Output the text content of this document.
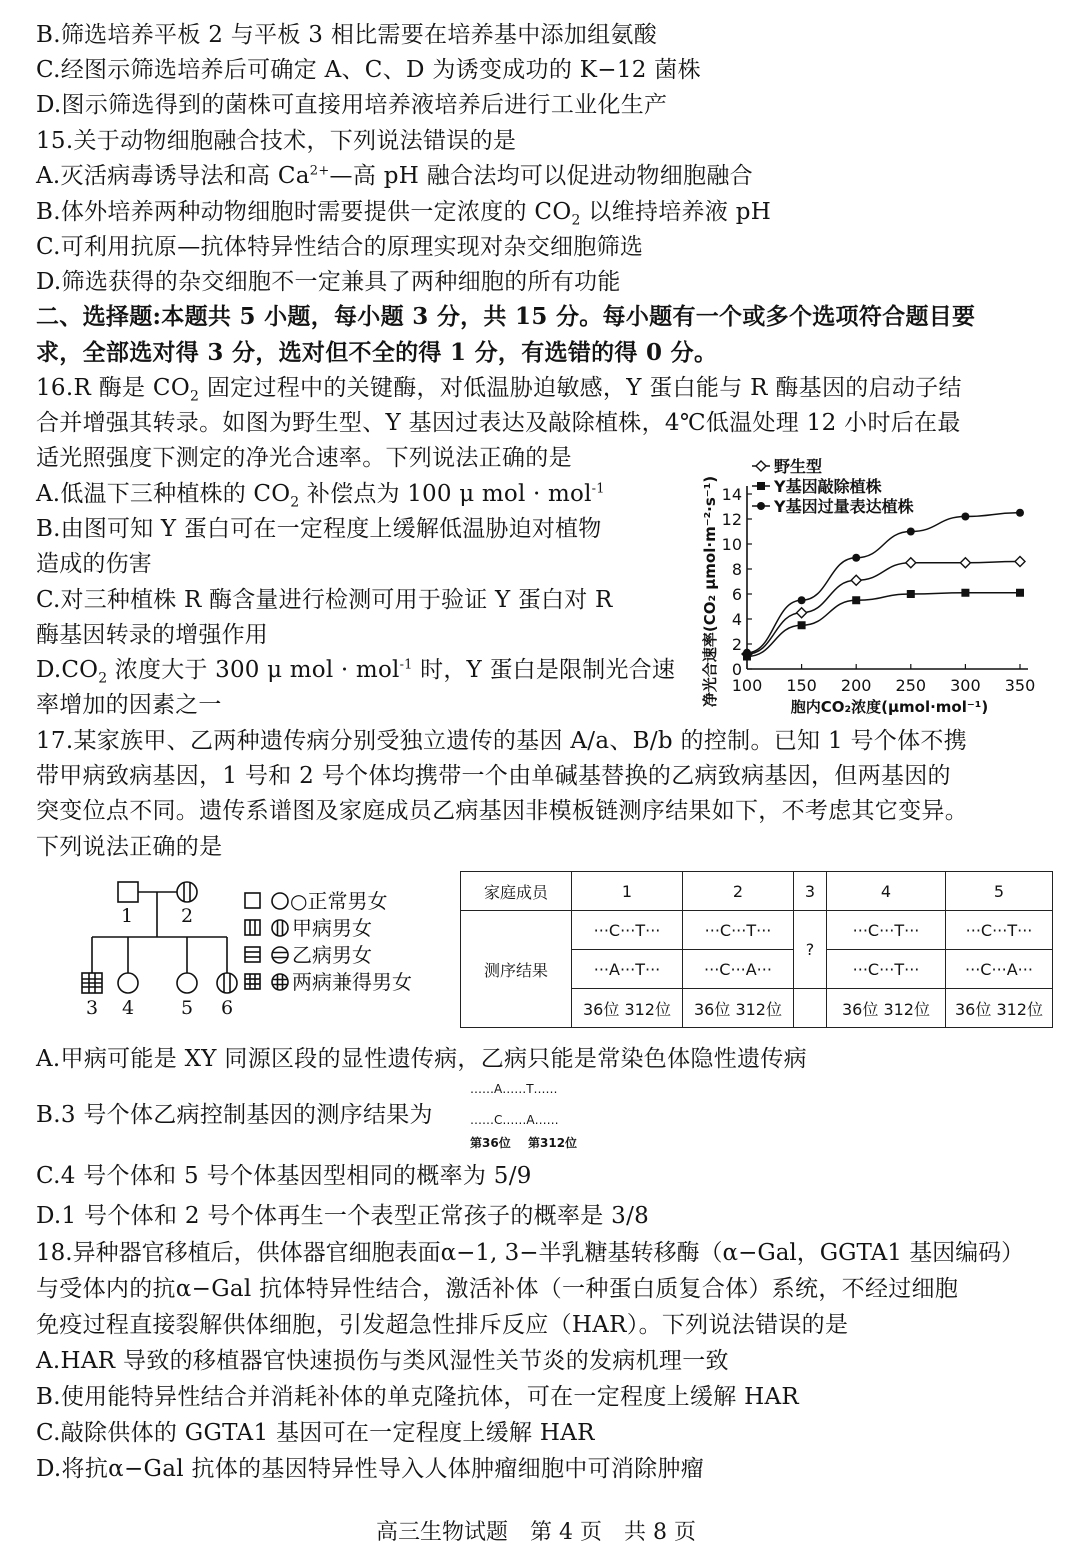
B.筛选培养平板 2 与平板 3 相比需要在培养基中添加组氨酸
C.经图示筛选培养后可确定 A、C、D 为诱变成功的 K−12 菌株
D.图示筛选得到的菌株可直接用培养液培养后进行工业化生产
15.关于动物细胞融合技术，下列说法错误的是
A.灭活病毒诱导法和高 $Ca^{2+}—$高 pH 融合法均可以促进动物细胞融合
B.体外培养两种动物细胞时需要提供一定浓度的 $CO_2$ 以维持培养液 pH
C.可利用抗原—抗体特异性结合的原理实现对杂交细胞筛选
D.筛选获得的杂交细胞不一定兼具了两种细胞的所有功能
二、选择题:本题共 5 小题，每小题 3 分，共 15 分。每小题有一个或多个选项符合题目要
求，全部选对得 3 分，选对但不全的得 1 分，有选错的得 0 分。
16.R 酶是 $CO_2$ 固定过程中的关键酶，对低温胁迫敏感，Y 蛋白能与 R 酶基因的启动子结
合并增强其转录。如图为野生型、Y 基因过表达及敲除植株，4℃低温处理 12 小时后在最
适光照强度下测定的净光合速率。下列说法正确的是
A.低温下三种植株的 $CO_2$ 补偿点为 100 μ mol · mol$^{-1}$
B.由图可知 Y 蛋白可在一定程度上缓解低温胁迫对植物
造成的伤害
C.对三种植株 R 酶含量进行检测可用于验证 Y 蛋白对 R
酶基因转录的增强作用
$D.CO_2$ 浓度大于 300 μ mol · mol$^{-1}$ 时，Y 蛋白是限制光合速
率增加的因素之一
0
2
4
6
8
10
12
14
100 150 200 250 300 350
胞内CO₂浓度(μmol·mol⁻¹)
净光合速率(CO₂ μmol·m⁻²·s⁻¹)
野生型
Y基因敲除植株
Y基因过量表达植株
17.某家族甲、乙两种遗传病分别受独立遗传的基因 A/a、B/b 的控制。已知 1 号个体不携
带甲病致病基因，1 号和 2 号个体均携带一个由单碱基替换的乙病致病基因，但两基因的
突变位点不同。遗传系谱图及家庭成员乙病基因非模板链测序结果如下，不考虑其它变异。
下列说法正确的是
1	2
3 4 5 6
○正常男女
甲病男女
乙病男女
两病兼得男女
家庭成员	1	2	3	4	5
测序结果	···C···T···	···C···T···	?	···C···T···	···C···T···
	···A···T···	···C···A···		···C···T···	···C···A···
	36位 312位	36位 312位		36位 312位	36位 312位
A.甲病可能是 XY 同源区段的显性遗传病，乙病只能是常染色体隐性遗传病
B.3 号个体乙病控制基因的测序结果为
……A……T……
……C……A……
第36位 第312位
C.4 号个体和 5 号个体基因型相同的概率为 5/9
D.1 号个体和 2 号个体再生一个表型正常孩子的概率是 3/8
18.异种器官移植后，供体器官细胞表面α−1, 3−半乳糖基转移酶（α−Gal，GGTA1 基因编码）
与受体内的抗α−Gal 抗体特异性结合，激活补体（一种蛋白质复合体）系统，不经过细胞
免疫过程直接裂解供体细胞，引发超急性排斥反应（HAR）。下列说法错误的是
A.HAR 导致的移植器官快速损伤与类风湿性关节炎的发病机理一致
B.使用能特异性结合并消耗补体的单克隆抗体，可在一定程度上缓解 HAR
C.敲除供体的 GGTA1 基因可在一定程度上缓解 HAR
D.将抗α−Gal 抗体的基因特异性导入人体肿瘤细胞中可消除肿瘤
高三生物试题　第 4 页　共 8 页
